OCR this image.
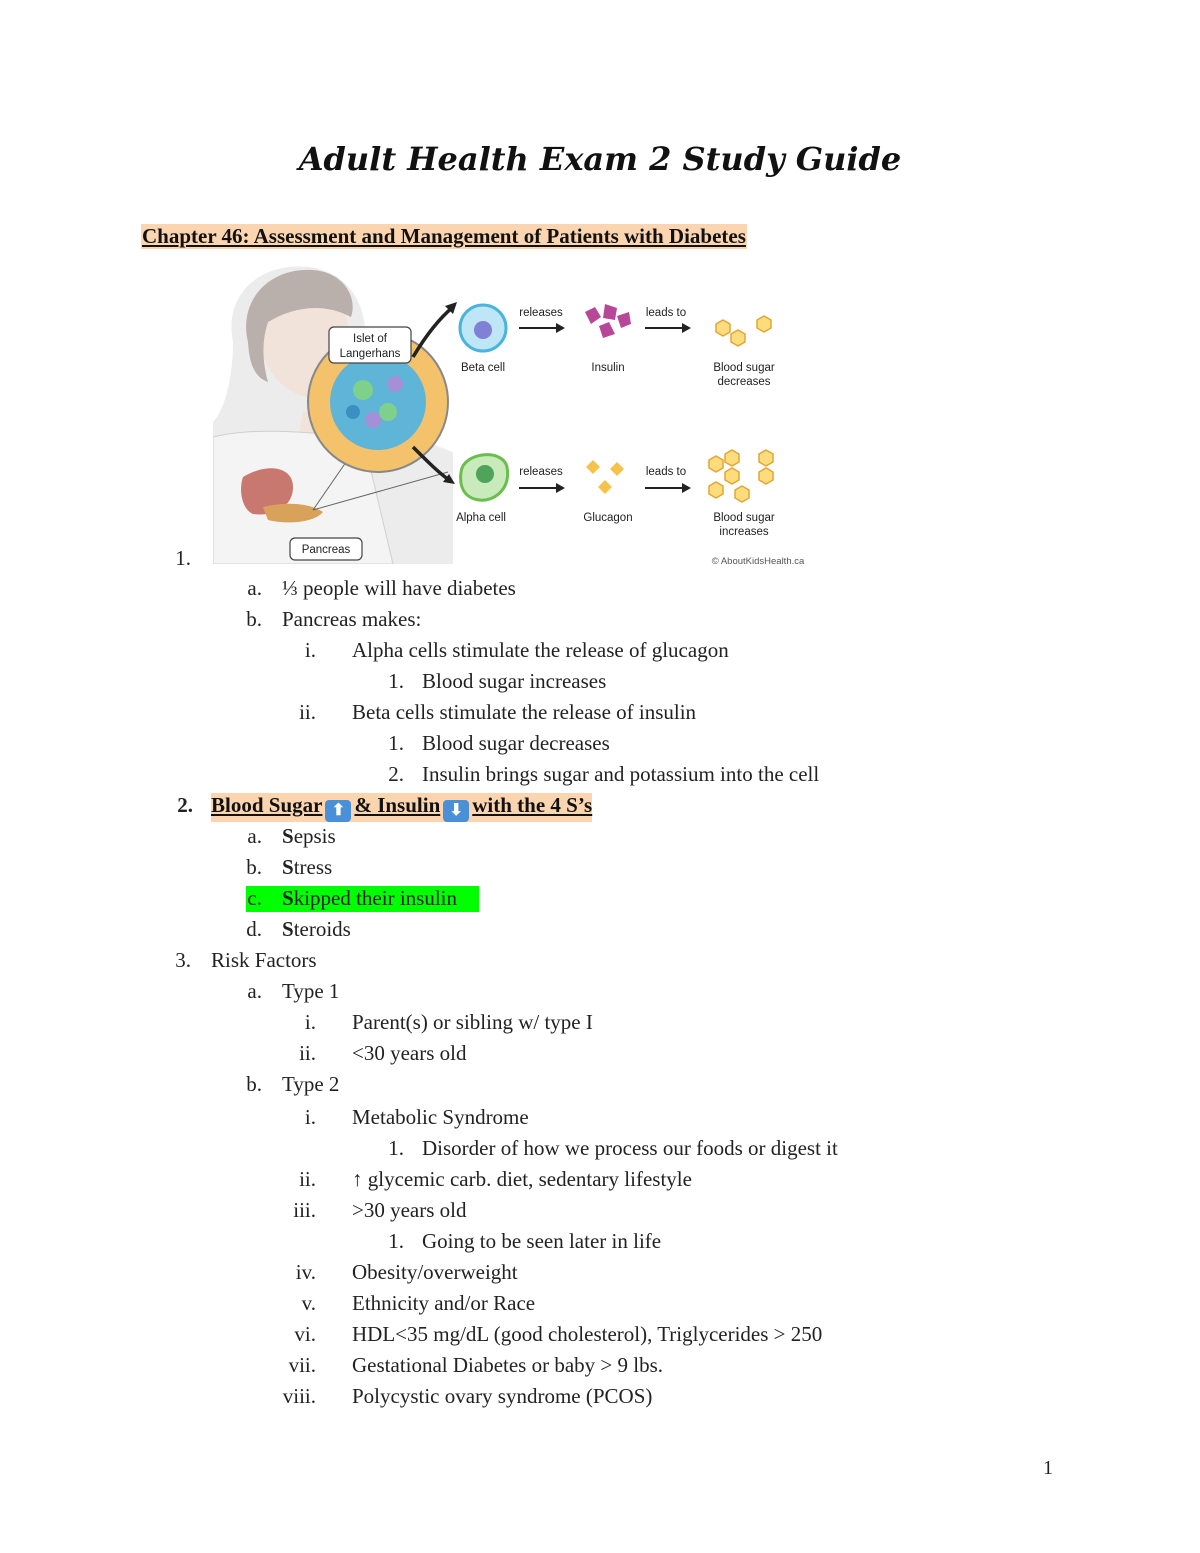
Adult Health Exam 2 Study Guide
Chapter 46: Assessment and Management of Patients with Diabetes
Islet of
Langerhans
Pancreas
Beta cell
releases
Insulin
leads to
Blood sugar
decreases
Alpha cell
releases
Glucagon
leads to
Blood sugar
increases
© AboutKidsHealth.ca
1.
a. ⅓ people will have diabetes
b. Pancreas makes:
i. Alpha cells stimulate the release of glucagon
1. Blood sugar increases
ii. Beta cells stimulate the release of insulin
1. Blood sugar decreases
2. Insulin brings sugar and potassium into the cell
2. Blood Sugar ⬆ & Insulin ⬇ with the 4 S’s
a. Sepsis
b. Stress
c. Skipped their insulin
d. Steroids
3. Risk Factors
a. Type 1
i. Parent(s) or sibling w/ type I
ii. <30 years old
b. Type 2
i. Metabolic Syndrome
1. Disorder of how we process our foods or digest it
ii. ↑ glycemic carb. diet, sedentary lifestyle
iii. >30 years old
1. Going to be seen later in life
iv. Obesity/overweight
v. Ethnicity and/or Race
vi. HDL<35 mg/dL (good cholesterol), Triglycerides > 250
vii. Gestational Diabetes or baby > 9 lbs.
viii. Polycystic ovary syndrome (PCOS)
1
